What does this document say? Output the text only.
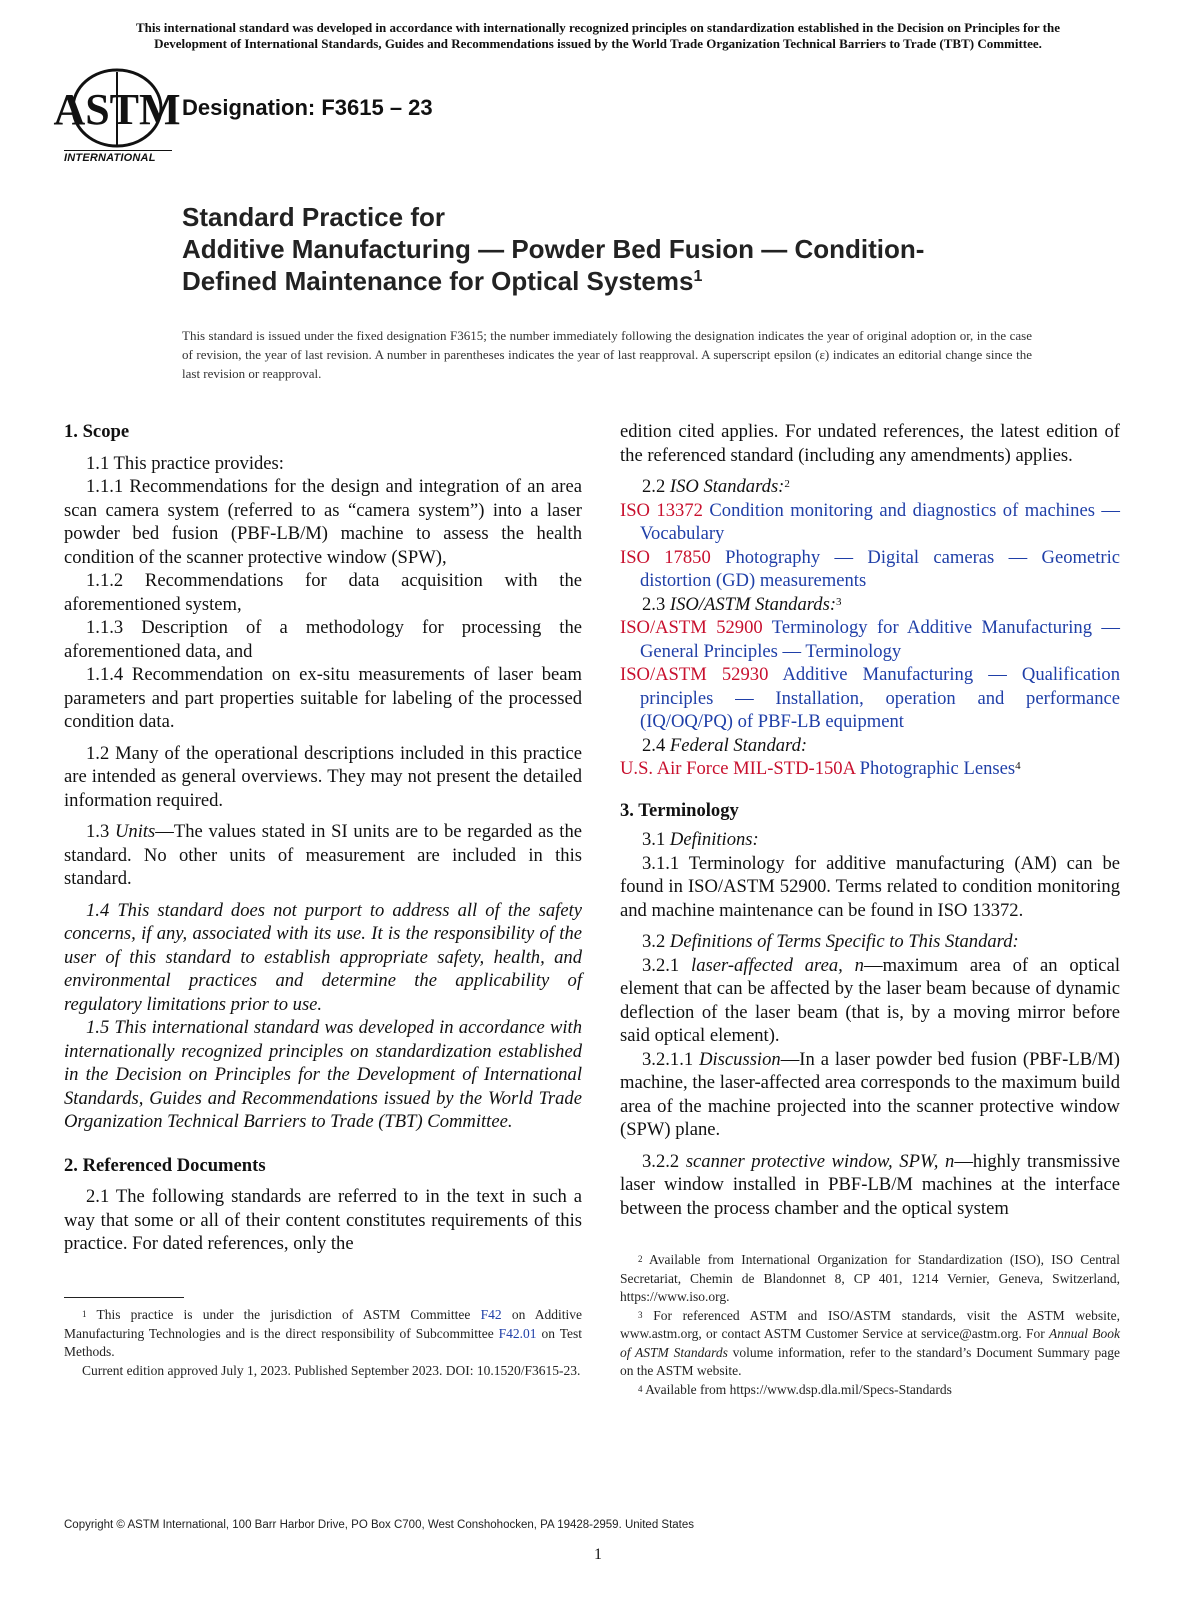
This international standard was developed in accordance with internationally recognized principles on standardization established in the Decision on Principles for the
Development of International Standards, Guides and Recommendations issued by the World Trade Organization Technical Barriers to Trade (TBT) Committee.
ASTM
INTERNATIONAL
Designation: F3615 – 23
Standard Practice for
Additive Manufacturing — Powder Bed Fusion — Condition-
Defined Maintenance for Optical Systems$^1$
This standard is issued under the fixed designation F3615; the number immediately following the designation indicates the year of original adoption or, in the case of revision, the year of last revision. A number in parentheses indicates the year of last reapproval. A superscript epsilon (ε) indicates an editorial change since the last revision or reapproval.
1. Scope

1.1 This practice provides:

1.1.1 Recommendations for the design and integration of an area scan camera system (referred to as “camera system”) into a laser powder bed fusion (PBF-LB/M) machine to assess the health condition of the scanner protective window (SPW),

1.1.2 Recommendations for data acquisition with the aforementioned system,

1.1.3 Description of a methodology for processing the aforementioned data, and

1.1.4 Recommendation on ex-situ measurements of laser beam parameters and part properties suitable for labeling of the processed condition data.

1.2 Many of the operational descriptions included in this practice are intended as general overviews. They may not present the detailed information required.

1.3 Units—The values stated in SI units are to be regarded as the standard. No other units of measurement are included in this standard.

1.4 This standard does not purport to address all of the safety concerns, if any, associated with its use. It is the responsibility of the user of this standard to establish appropriate safety, health, and environmental practices and determine the applicability of regulatory limitations prior to use.

1.5 This international standard was developed in accordance with internationally recognized principles on standardization established in the Decision on Principles for the Development of International Standards, Guides and Recommendations issued by the World Trade Organization Technical Barriers to Trade (TBT) Committee.

2. Referenced Documents

2.1 The following standards are referred to in the text in such a way that some or all of their content constitutes requirements of this practice. For dated references, only the

edition cited applies. For undated references, the latest edition of the referenced standard (including any amendments) applies.

2.2 ISO Standards:$^2$

ISO 13372 Condition monitoring and diagnostics of machines — Vocabulary

ISO 17850 Photography — Digital cameras — Geometric distortion (GD) measurements

2.3 ISO/ASTM Standards:$^3$

ISO/ASTM 52900 Terminology for Additive Manufacturing — General Principles — Terminology

ISO/ASTM 52930 Additive Manufacturing — Qualification principles — Installation, operation and performance (IQ/OQ/PQ) of PBF-LB equipment

2.4 Federal Standard:

U.S. Air Force MIL-STD-150A Photographic Lenses$^4$

3. Terminology

3.1 Definitions:

3.1.1 Terminology for additive manufacturing (AM) can be found in ISO/ASTM 52900. Terms related to condition monitoring and machine maintenance can be found in ISO 13372.

3.2 Definitions of Terms Specific to This Standard:

3.2.1 laser-affected area, n—maximum area of an optical element that can be affected by the laser beam because of dynamic deflection of the laser beam (that is, by a moving mirror before said optical element).

3.2.1.1 Discussion—In a laser powder bed fusion (PBF-LB/M) machine, the laser-affected area corresponds to the maximum build area of the machine projected into the scanner protective window (SPW) plane.

3.2.2 scanner protective window, SPW, n—highly transmissive laser window installed in PBF-LB/M machines at the interface between the process chamber and the optical system

$^1$ This practice is under the jurisdiction of ASTM Committee F42 on Additive Manufacturing Technologies and is the direct responsibility of Subcommittee F42.01 on Test Methods.

Current edition approved July 1, 2023. Published September 2023. DOI: 10.1520/F3615-23.

$^2$ Available from International Organization for Standardization (ISO), ISO Central Secretariat, Chemin de Blandonnet 8, CP 401, 1214 Vernier, Geneva, Switzerland, https://www.iso.org.

$^3$ For referenced ASTM and ISO/ASTM standards, visit the ASTM website, www.astm.org, or contact ASTM Customer Service at service@astm.org. For Annual Book of ASTM Standards volume information, refer to the standard’s Document Summary page on the ASTM website.

$^4$ Available from https://www.dsp.dla.mil/Specs-Standards

Copyright © ASTM International, 100 Barr Harbor Drive, PO Box C700, West Conshohocken, PA 19428-2959. United States
1
